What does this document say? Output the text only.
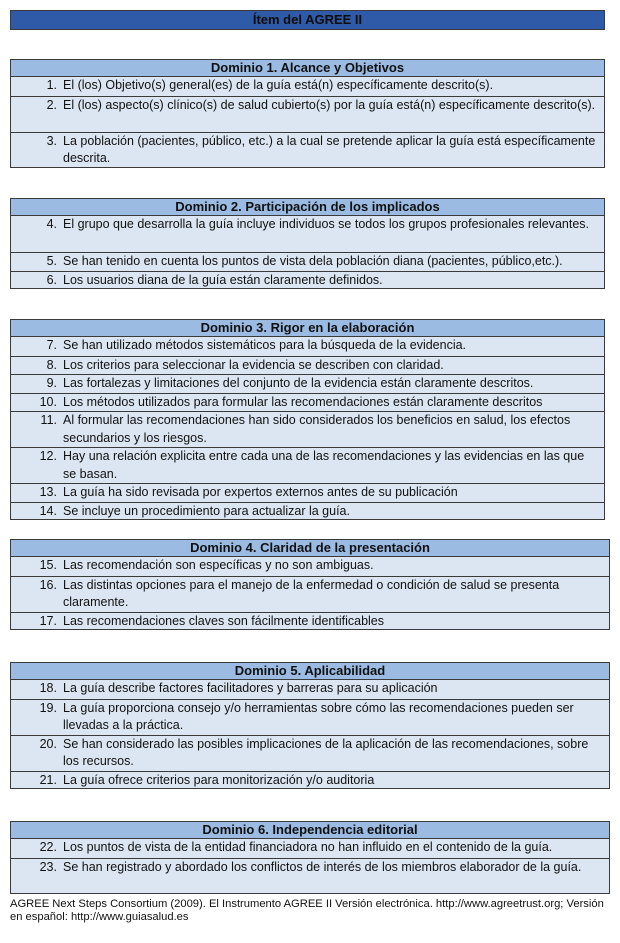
Ítem del AGREE II
Dominio 1. Alcance y Objetivos
1. El (los) Objetivo(s) general(es) de la guía está(n) específicamente descrito(s).
2. El (los) aspecto(s) clínico(s) de salud cubierto(s) por la guía está(n) específicamente descrito(s).
3. La población (pacientes, público, etc.) a la cual se pretende aplicar la guía está específicamente descrita.
Dominio 2. Participación de los implicados
4. El grupo que desarrolla la guía incluye individuos se todos los grupos profesionales relevantes.
5. Se han tenido en cuenta los puntos de vista dela población diana (pacientes, público,etc.).
6. Los usuarios diana de la guía están claramente definidos.
Dominio 3. Rigor en la elaboración
7. Se han utilizado métodos sistemáticos para la búsqueda de la evidencia.
8. Los criterios para seleccionar la evidencia se describen con claridad.
9. Las fortalezas y limitaciones del conjunto de la evidencia están claramente descritos.
10. Los métodos utilizados para formular las recomendaciones están claramente descritos
11. Al formular las recomendaciones han sido considerados los beneficios en salud, los efectos secundarios y los riesgos.
12. Hay una relación explicita entre cada una de las recomendaciones y las evidencias en las que se basan.
13. La guía ha sido revisada por expertos externos antes de su publicación
14. Se incluye un procedimiento para actualizar la guía.
Dominio 4. Claridad de la presentación
15. Las recomendación son específicas y no son ambiguas.
16. Las distintas opciones para el manejo de la enfermedad o condición de salud se presenta claramente.
17. Las recomendaciones claves son fácilmente identificables
Dominio 5. Aplicabilidad
18. La guía describe factores facilitadores y barreras para su aplicación
19. La guía proporciona consejo y/o herramientas sobre cómo las recomendaciones pueden ser llevadas a la práctica.
20. Se han considerado las posibles implicaciones de la aplicación de las recomendaciones, sobre los recursos.
21. La guía ofrece criterios para monitorización y/o auditoria
Dominio 6. Independencia editorial
22. Los puntos de vista de la entidad financiadora no han influido en el contenido de la guía.
23. Se han registrado y abordado los conflictos de interés de los miembros elaborador de la guía.
AGREE Next Steps Consortium (2009). El Instrumento AGREE II Versión electrónica. http://www.agreetrust.org; Versión en español: http://www.guiasalud.es
